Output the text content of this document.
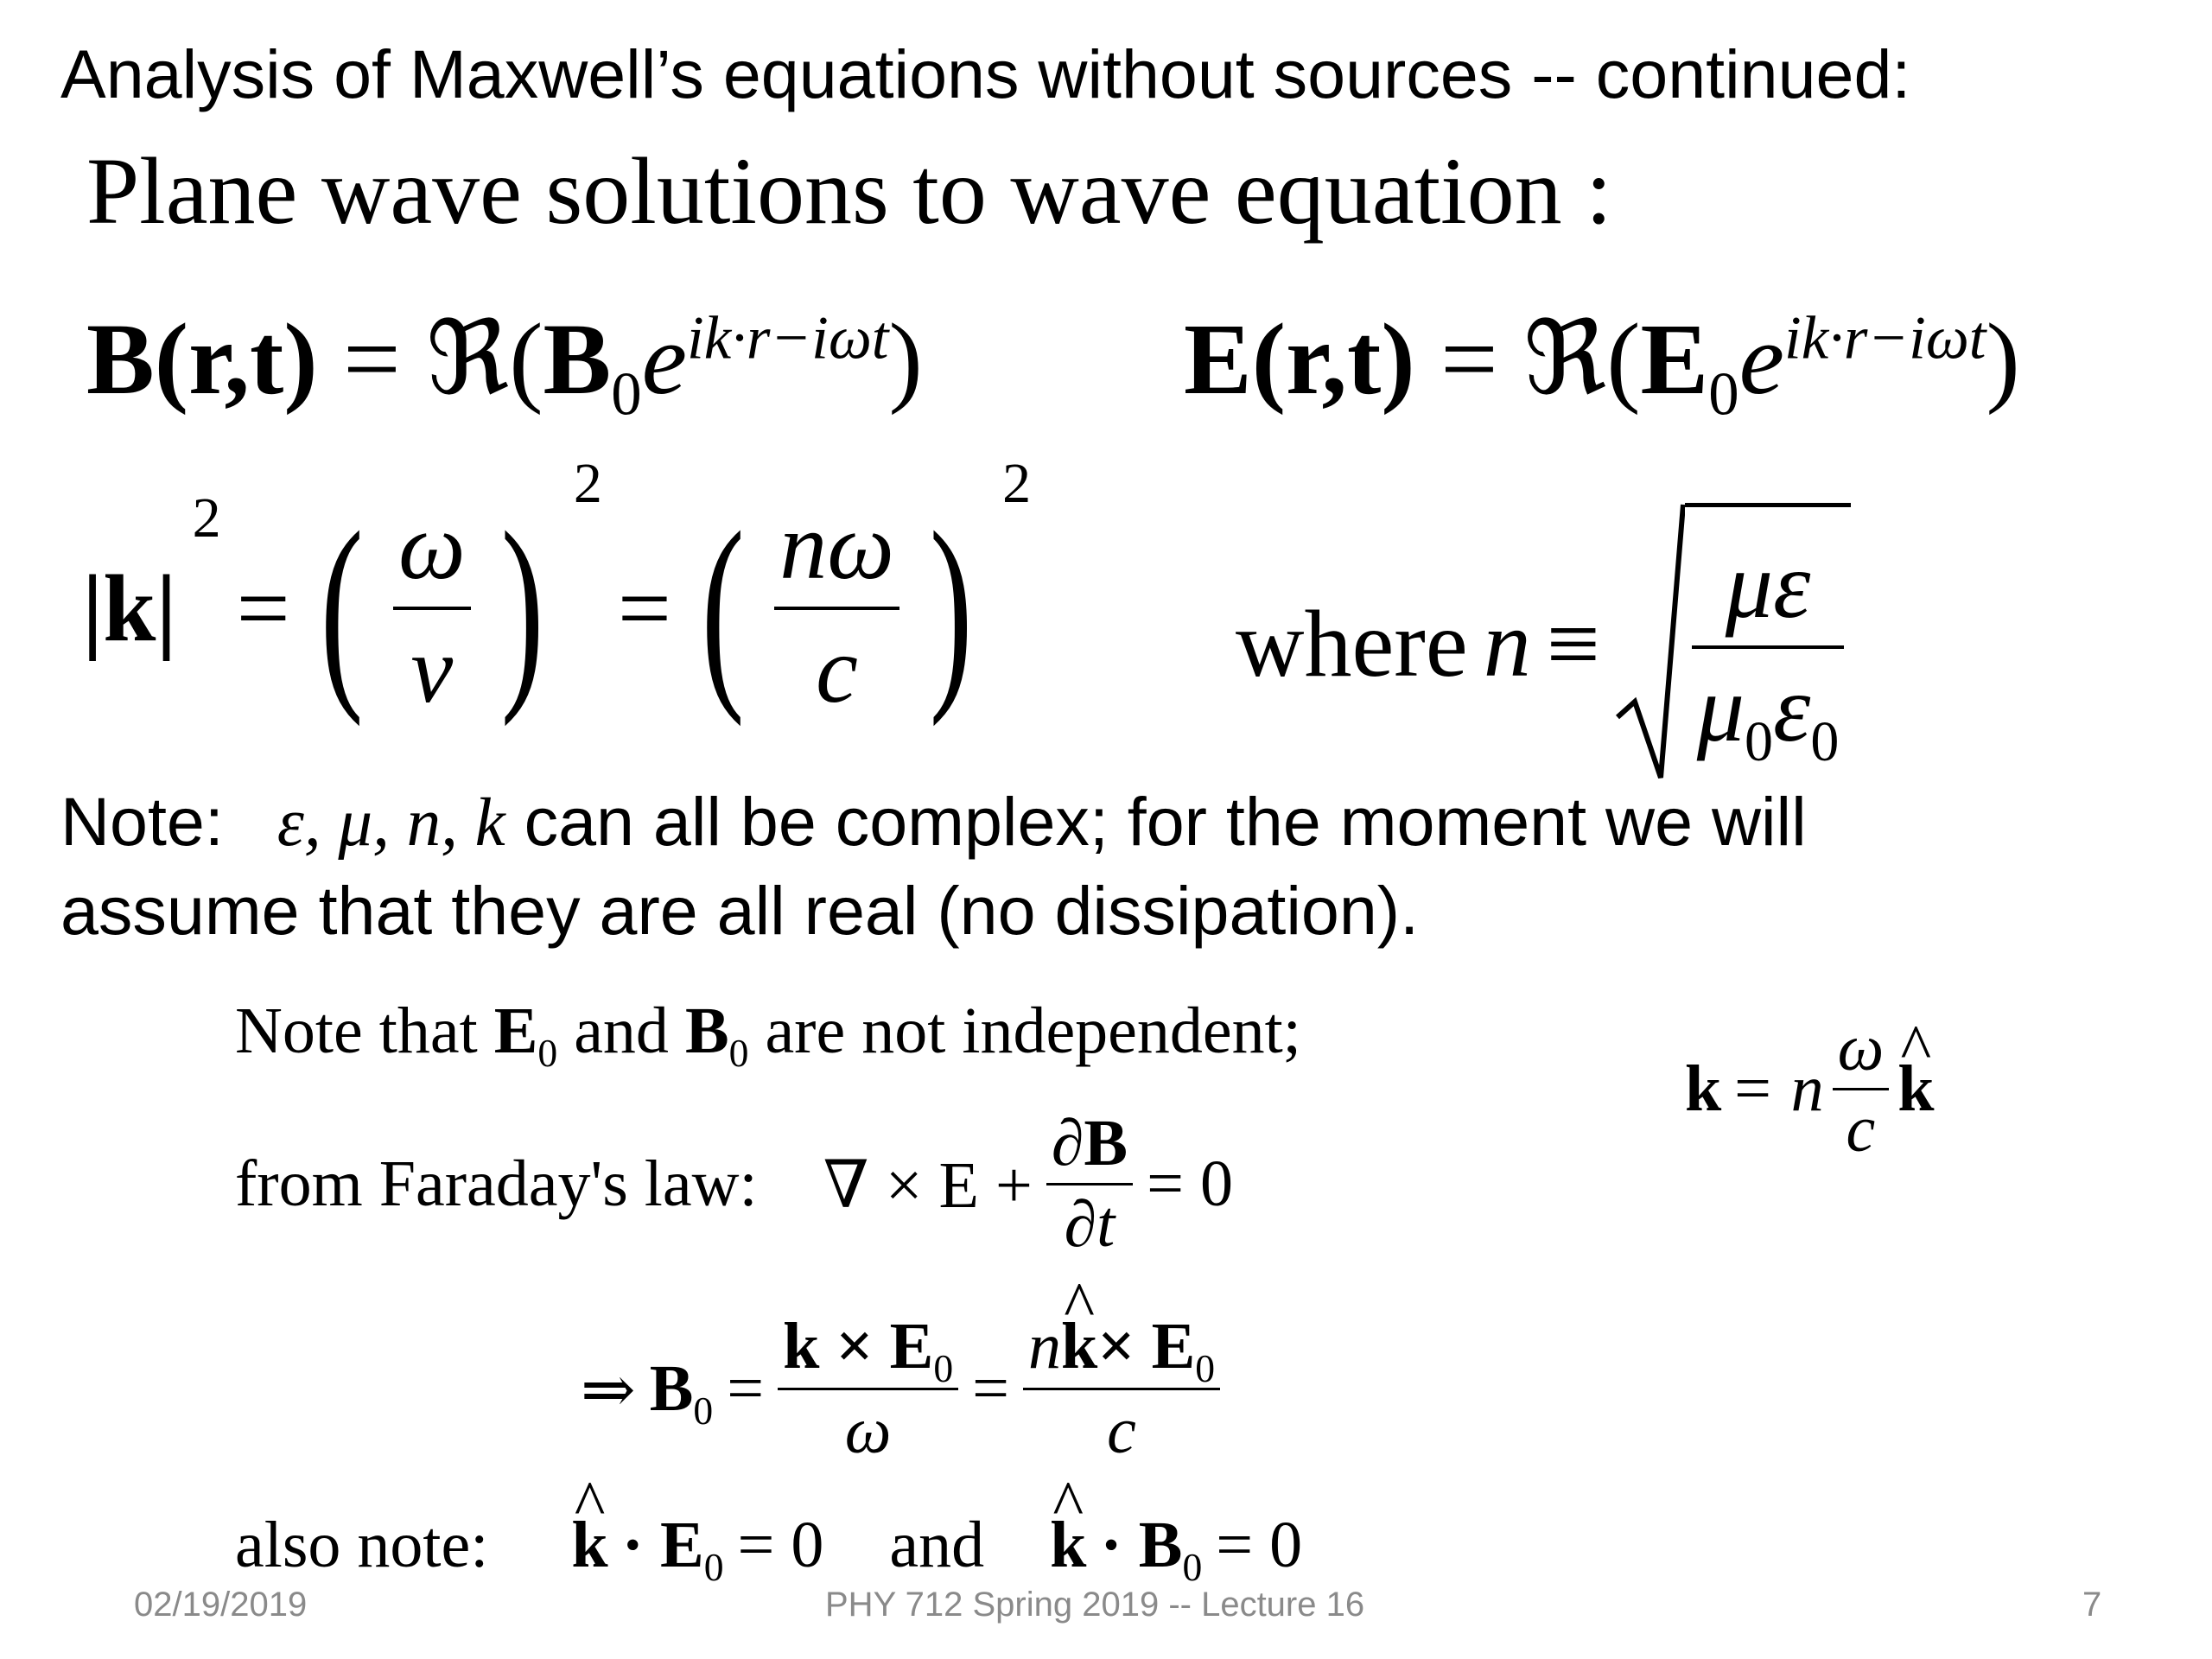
Analysis of Maxwell’s equations without sources -- continued:
Plane wave solutions to wave equation :
$B(r,t) = ℜ(B_0e^{ik\cdot r-i\omega t})$	$E(r,t) = ℜ(E_0e^{ik\cdot r-i\omega t})$
|k|
2
= ( $\frac{\omega}{v}$ )
2
= ( $\frac{n\omega}{c}$ )
2
where $n \equiv \frac{\mu\varepsilon}{\mu_0\varepsilon_0}$
Note: ε, μ, n, k can all be complex; for the moment we will
assume that they are all real (no dissipation).
Note that $E_0$ and $B_0$ are not independent;
k = n $\frac{\omega}{c}$ ^ k
from Faraday's law: ∇ × $E + \frac{\partial B}{\partial t} = 0$
⇒ $B_0 = \frac{k \times E_0}{\omega} = \frac{n\^{} k\times E_0}{c}$
also note: ^ $k \cdot E_0 = 0$ and ^ $k \cdot B_0 = 0$
02/19/2019	PHY 712 Spring 2019 -- Lecture 16	7
